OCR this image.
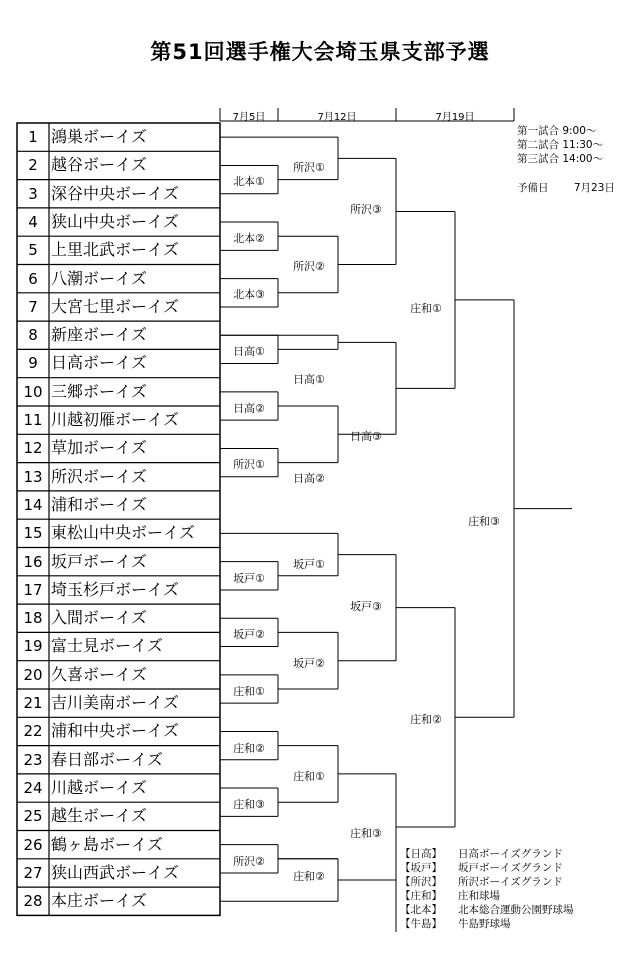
第51回選手権大会埼玉県支部予選
7月5日	7月12日	7月19日
1 鴻巣ボーイズ
2 越谷ボーイズ
3 深谷中央ボーイズ
4 狭山中央ボーイズ
5 上里北武ボーイズ
6 八潮ボーイズ
7 大宮七里ボーイズ
8 新座ボーイズ
9 日高ボーイズ
10 三郷ボーイズ
11 川越初雁ボーイズ
12 草加ボーイズ
13 所沢ボーイズ
14 浦和ボーイズ
15 東松山中央ボーイズ
16 坂戸ボーイズ
17 埼玉杉戸ボーイズ
18 入間ボーイズ
19 富士見ボーイズ
20 久喜ボーイズ
21 吉川美南ボーイズ
22 浦和中央ボーイズ
23 春日部ボーイズ
24 川越ボーイズ
25 越生ボーイズ
26 鶴ヶ島ボーイズ
27 狭山西武ボーイズ
28 本庄ボーイズ
北本①
北本②
北本③
日高①
日高②
所沢①
坂戸①
坂戸②
庄和①
庄和②
庄和③
所沢②
所沢①
所沢②
日高①
日高②
坂戸①
坂戸②
庄和①
庄和②
所沢③
日高③
坂戸③
庄和③
庄和①
庄和②
庄和③
第一試合 9:00～
第二試合 11:30～
第三試合 14:00～
予備日 7月23日
【日高】 日高ボーイズグランド
【坂戸】 坂戸ボーイズグランド
【所沢】 所沢ボーイズグランド
【庄和】 庄和球場
【北本】 北本総合運動公園野球場
【牛島】 牛島野球場
